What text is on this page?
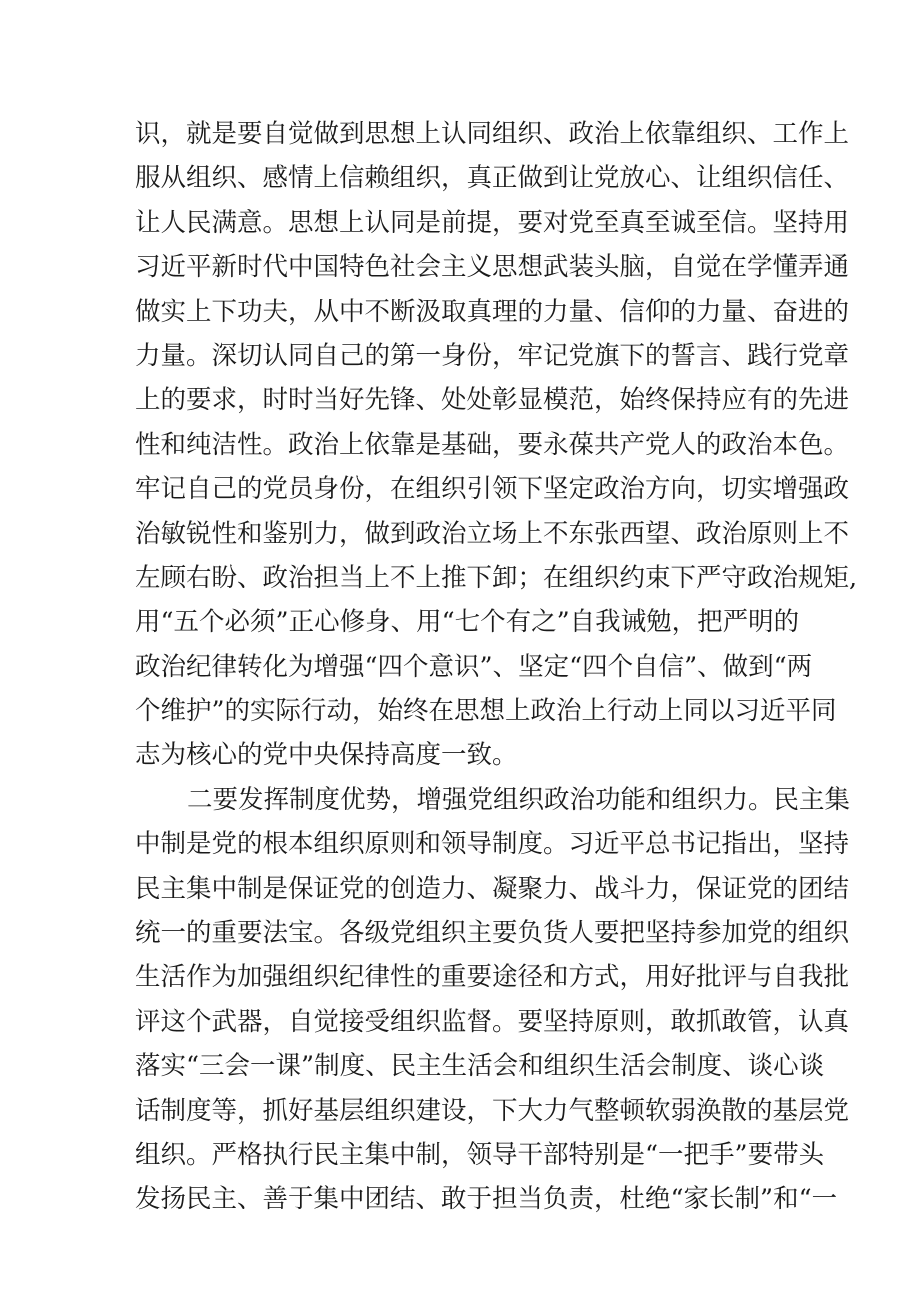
识，就是要自觉做到思想上认同组织、政治上依靠组织、工作上
服从组织、感情上信赖组织，真正做到让党放心、让组织信任、
让人民满意。思想上认同是前提，要对党至真至诚至信。坚持用
习近平新时代中国特色社会主义思想武装头脑，自觉在学懂弄通
做实上下功夫，从中不断汲取真理的力量、信仰的力量、奋进的
力量。深切认同自己的第一身份，牢记党旗下的誓言、践行党章
上的要求，时时当好先锋、处处彰显模范，始终保持应有的先进
性和纯洁性。政治上依靠是基础，要永葆共产党人的政治本色。
牢记自己的党员身份，在组织引领下坚定政治方向，切实增强政
治敏锐性和鉴别力，做到政治立场上不东张西望、政治原则上不
左顾右盼、政治担当上不上推下卸；在组织约束下严守政治规矩,
用“五个必须”正心修身、用“七个有之”自我诫勉，把严明的
政治纪律转化为增强“四个意识”、坚定“四个自信”、做到“两
个维护”的实际行动，始终在思想上政治上行动上同以习近平同
志为核心的党中央保持高度一致。
二要发挥制度优势，增强党组织政治功能和组织力。民主集
中制是党的根本组织原则和领导制度。习近平总书记指出，坚持
民主集中制是保证党的创造力、凝聚力、战斗力，保证党的团结
统一的重要法宝。各级党组织主要负货人要把坚持参加党的组织
生活作为加强组织纪律性的重要途径和方式，用好批评与自我批
评这个武器，自觉接受组织监督。要坚持原则，敢抓敢管，认真
落实“三会一课”制度、民主生活会和组织生活会制度、谈心谈
话制度等，抓好基层组织建设，下大力气整顿软弱涣散的基层党
组织。严格执行民主集中制，领导干部特别是“一把手”要带头
发扬民主、善于集中团结、敢于担当负责，杜绝“家长制”和“一
